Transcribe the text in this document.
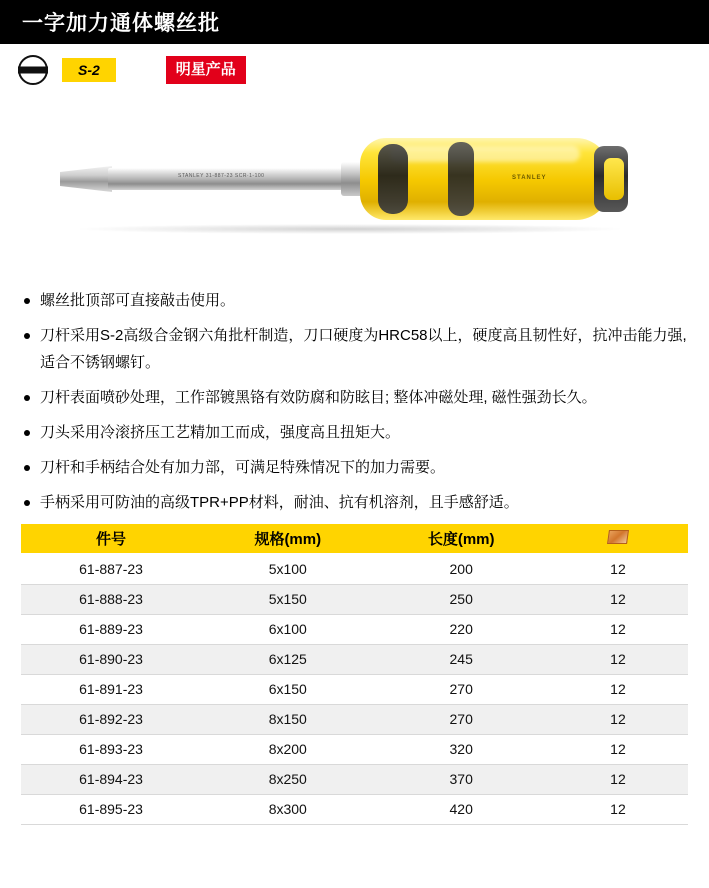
一字加力通体螺丝批
S-2	明星产品
STANLEY 31-887-23 SCR·1-100	STANLEY
螺丝批顶部可直接敲击使用。
刀杆采用S-2高级合金钢六角批杆制造，刀口硬度为HRC58以上，硬度高且韧性好，抗冲击能力强,适合不锈钢螺钉。
刀杆表面喷砂处理，工作部镀黑铬有效防腐和防眩目; 整体冲磁处理, 磁性强劲长久。
刀头采用冷滚挤压工艺精加工而成，强度高且扭矩大。
刀杆和手柄结合处有加力部，可满足特殊情况下的加力需要。
手柄采用可防油的高级TPR+PP材料，耐油、抗有机溶剂，且手感舒适。
件号	规格(mm)	长度(mm)	
61-887-23	5x100	200	12
61-888-23	5x150	250	12
61-889-23	6x100	220	12
61-890-23	6x125	245	12
61-891-23	6x150	270	12
61-892-23	8x150	270	12
61-893-23	8x200	320	12
61-894-23	8x250	370	12
61-895-23	8x300	420	12
